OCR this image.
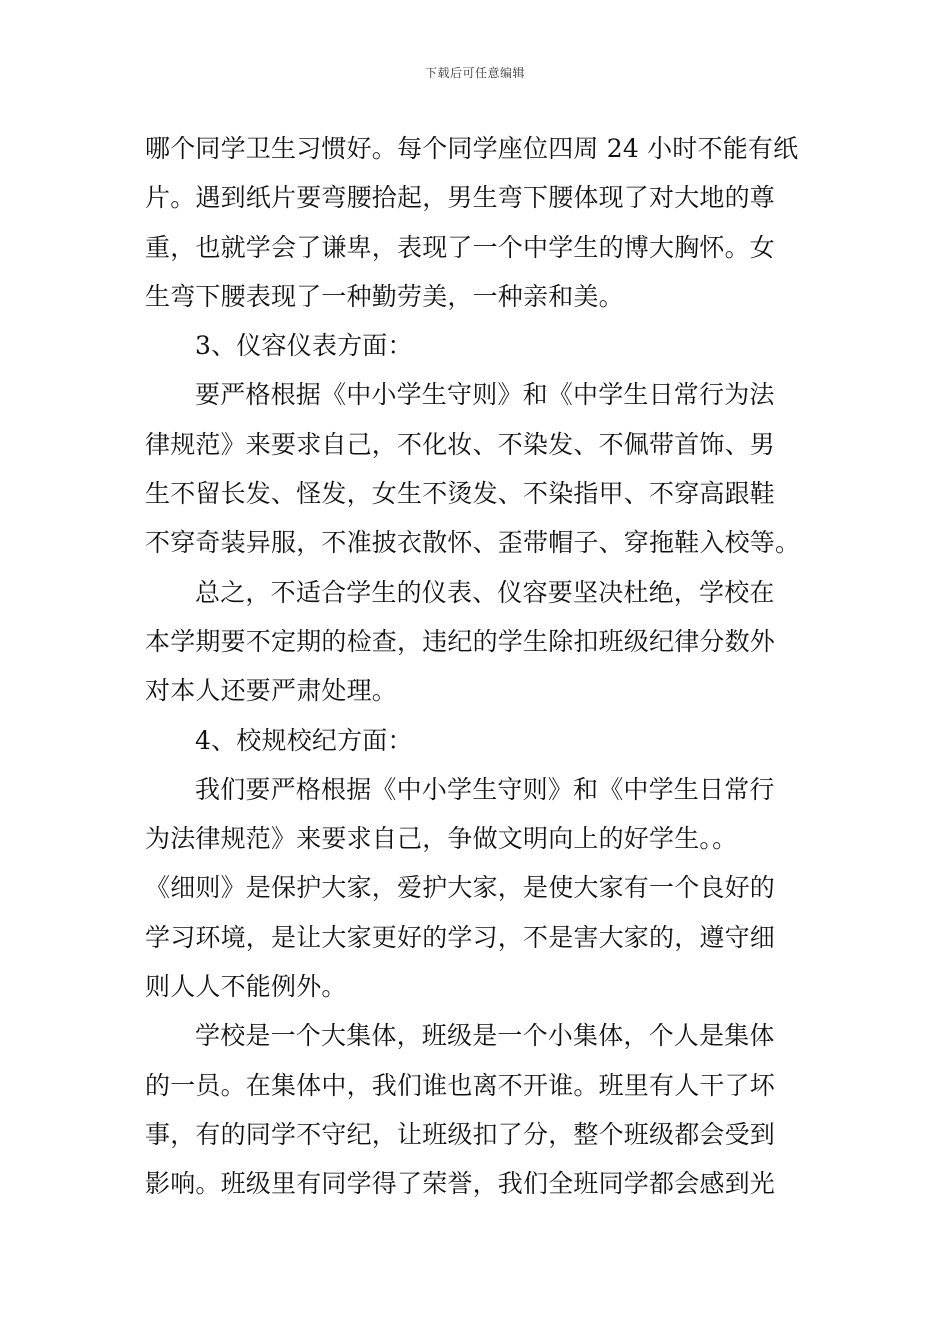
下载后可任意编辑
哪个同学卫生习惯好。每个同学座位四周 24 小时不能有纸
片。遇到纸片要弯腰拾起，男生弯下腰体现了对大地的尊
重，也就学会了谦卑，表现了一个中学生的博大胸怀。女
生弯下腰表现了一种勤劳美，一种亲和美。
3、仪容仪表方面：
要严格根据《中小学生守则》和《中学生日常行为法
律规范》来要求自己，不化妆、不染发、不佩带首饰、男
生不留长发、怪发，女生不烫发、不染指甲、不穿高跟鞋
不穿奇装异服，不准披衣散怀、歪带帽子、穿拖鞋入校等。
总之，不适合学生的仪表、仪容要坚决杜绝，学校在
本学期要不定期的检查，违纪的学生除扣班级纪律分数外
对本人还要严肃处理。
4、校规校纪方面：
我们要严格根据《中小学生守则》和《中学生日常行
为法律规范》来要求自己，争做文明向上的好学生。。
《细则》是保护大家，爱护大家，是使大家有一个良好的
学习环境，是让大家更好的学习，不是害大家的，遵守细
则人人不能例外。
学校是一个大集体，班级是一个小集体，个人是集体
的一员。在集体中，我们谁也离不开谁。班里有人干了坏
事，有的同学不守纪，让班级扣了分，整个班级都会受到
影响。班级里有同学得了荣誉，我们全班同学都会感到光
